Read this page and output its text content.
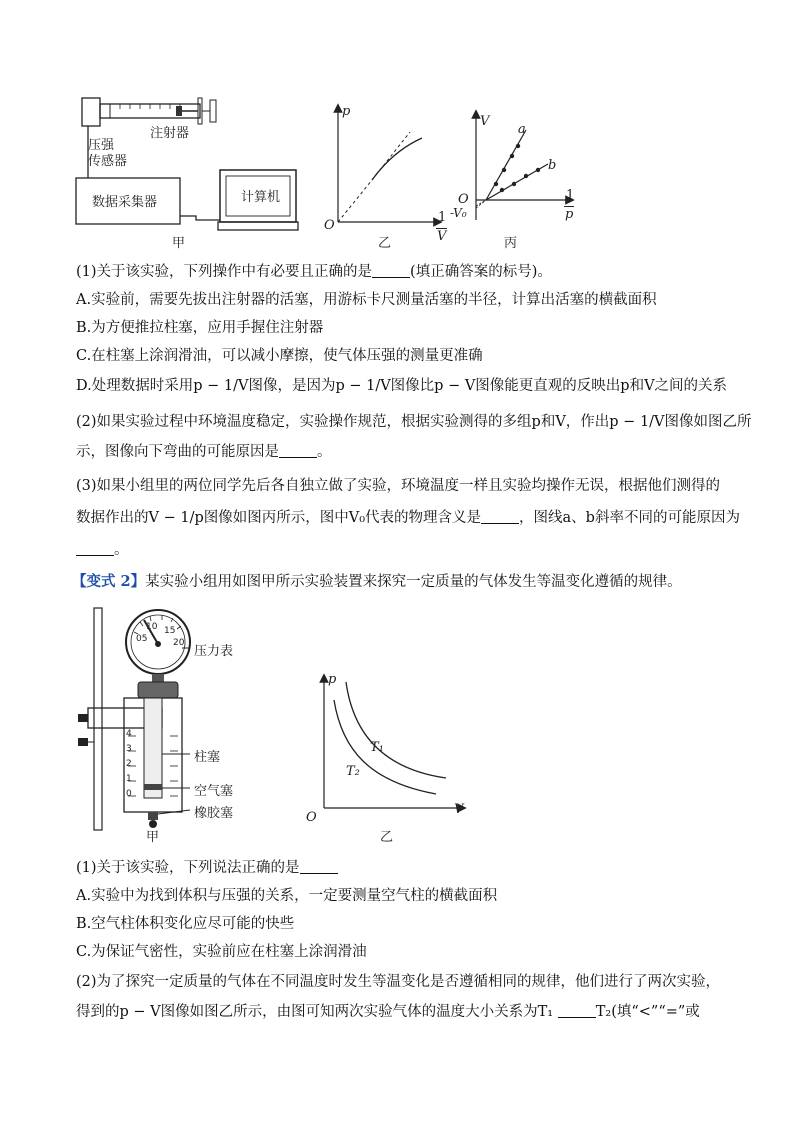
注射器
压强
传感器
数据采集器	计算机
甲
p
O
1
V
乙
V
a
b
O
-V₀
1
p
丙
(1)关于该实验，下列操作中有必要且正确的是	(填正确答案的标号)。
A.实验前，需要先拔出注射器的活塞，用游标卡尺测量活塞的半径，计算出活塞的横截面积
B.为方便推拉柱塞，应用手握住注射器
C.在柱塞上涂润滑油，可以减小摩擦，使气体压强的测量更准确
D.处理数据时采用p − 1/V图像，是因为p − 1/V图像比p − V图像能更直观的反映出p和V之间的关系
(2)如果实验过程中环境温度稳定，实验操作规范，根据实验测得的多组p和V，作出p − 1/V图像如图乙所
示，图像向下弯曲的可能原因是	。
(3)如果小组里的两位同学先后各自独立做了实验，环境温度一样且实验均操作无误，根据他们测得的
数据作出的V − 1/p图像如图丙所示，图中V₀代表的物理含义是	，图线a、b斜率不同的可能原因为
。
【变式 2】某实验小组用如图甲所示实验装置来探究一定质量的气体发生等温变化遵循的规律。
05
10 15
20
压力表
柱塞
空气塞
橡胶塞
4
3
2
1
0
甲
p
T₁
T₂
O
V
乙
(1)关于该实验，下列说法正确的是
A.实验中为找到体积与压强的关系，一定要测量空气柱的横截面积
B.空气柱体积变化应尽可能的快些
C.为保证气密性，实验前应在柱塞上涂润滑油
(2)为了探究一定质量的气体在不同温度时发生等温变化是否遵循相同的规律，他们进行了两次实验，
得到的p − V图像如图乙所示，由图可知两次实验气体的温度大小关系为T₁	T₂(填“<”“=”或
